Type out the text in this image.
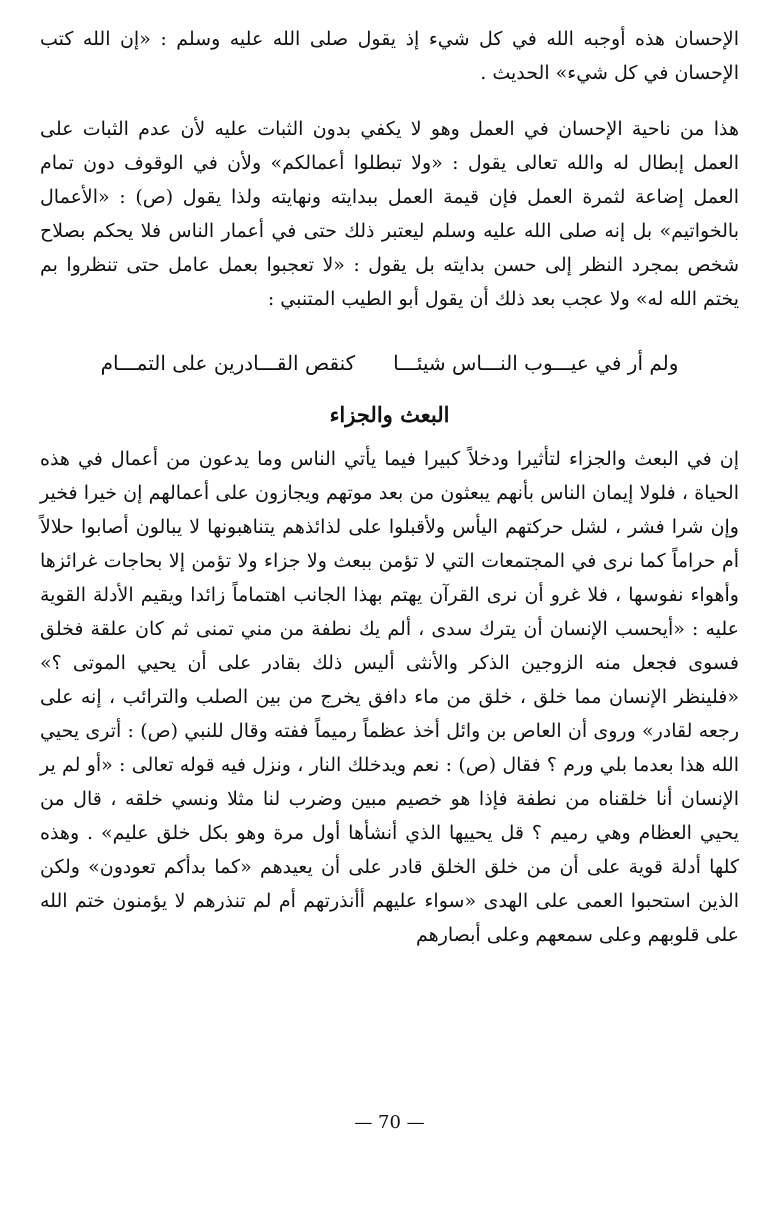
الإحسان هذه أوجبه الله في كل شيء إذ يقول صلى الله عليه وسلم : «إن الله كتب الإحسان في كل شيء» الحديث .

هذا من ناحية الإحسان في العمل وهو لا يكفي بدون الثبات عليه لأن عدم الثبات على العمل إبطال له والله تعالى يقول : «ولا تبطلوا أعمالكم» ولأن في الوقوف دون تمام العمل إضاعة لثمرة العمل فإن قيمة العمل ببدايته ونهايته ولذا يقول (ص) : «الأعمال بالخواتيم» بل إنه صلى الله عليه وسلم ليعتبر ذلك حتى في أعمار الناس فلا يحكم بصلاح شخص بمجرد النظر إلى حسن بدايته بل يقول : «لا تعجبوا بعمل عامل حتى تنظروا بم يختم الله له» ولا عجب بعد ذلك أن يقول أبو الطيب المتنبي :

ولم أر في عيـــوب النـــاس شيئـــا
كنقص القـــادرين على التمـــام
البعث والجزاء

إن في البعث والجزاء لتأثيرا ودخلاً كبيرا فيما يأتي الناس وما يدعون من أعمال في هذه الحياة ، فلولا إيمان الناس بأنهم يبعثون من بعد موتهم ويجازون على أعمالهم إن خيرا فخير وإن شرا فشر ، لشل حركتهم اليأس ولأقبلوا على لذائذهم يتناهبونها لا يبالون أصابوا حلالاً أم حراماً كما نرى في المجتمعات التي لا تؤمن ببعث ولا جزاء ولا تؤمن إلا بحاجات غرائزها وأهواء نفوسها ، فلا غرو أن نرى القرآن يهتم بهذا الجانب اهتماماً زائدا ويقيم الأدلة القوية عليه : «أيحسب الإنسان أن يترك سدى ، ألم يك نطفة من مني تمنى ثم كان علقة فخلق فسوى فجعل منه الزوجين الذكر والأنثى أليس ذلك بقادر على أن يحيي الموتى ؟» «فلينظر الإنسان مما خلق ، خلق من ماء دافق يخرج من بين الصلب والترائب ، إنه على رجعه لقادر» وروى أن العاص بن وائل أخذ عظماً رميماً ففته وقال للنبي (ص) : أترى يحيي الله هذا بعدما بلي ورم ؟ فقال (ص) : نعم ويدخلك النار ، ونزل فيه قوله تعالى : «أو لم ير الإنسان أنا خلقناه من نطفة فإذا هو خصيم مبين وضرب لنا مثلا ونسي خلقه ، قال من يحيي العظام وهي رميم ؟ قل يحييها الذي أنشأها أول مرة وهو بكل خلق عليم» . وهذه كلها أدلة قوية على أن من خلق الخلق قادر على أن يعيدهم «كما بدأكم تعودون» ولكن الذين استحبوا العمى على الهدى «سواء عليهم أأنذرتهم أم لم تنذرهم لا يؤمنون ختم الله على قلوبهم وعلى سمعهم وعلى أبصارهم

— 70 —
